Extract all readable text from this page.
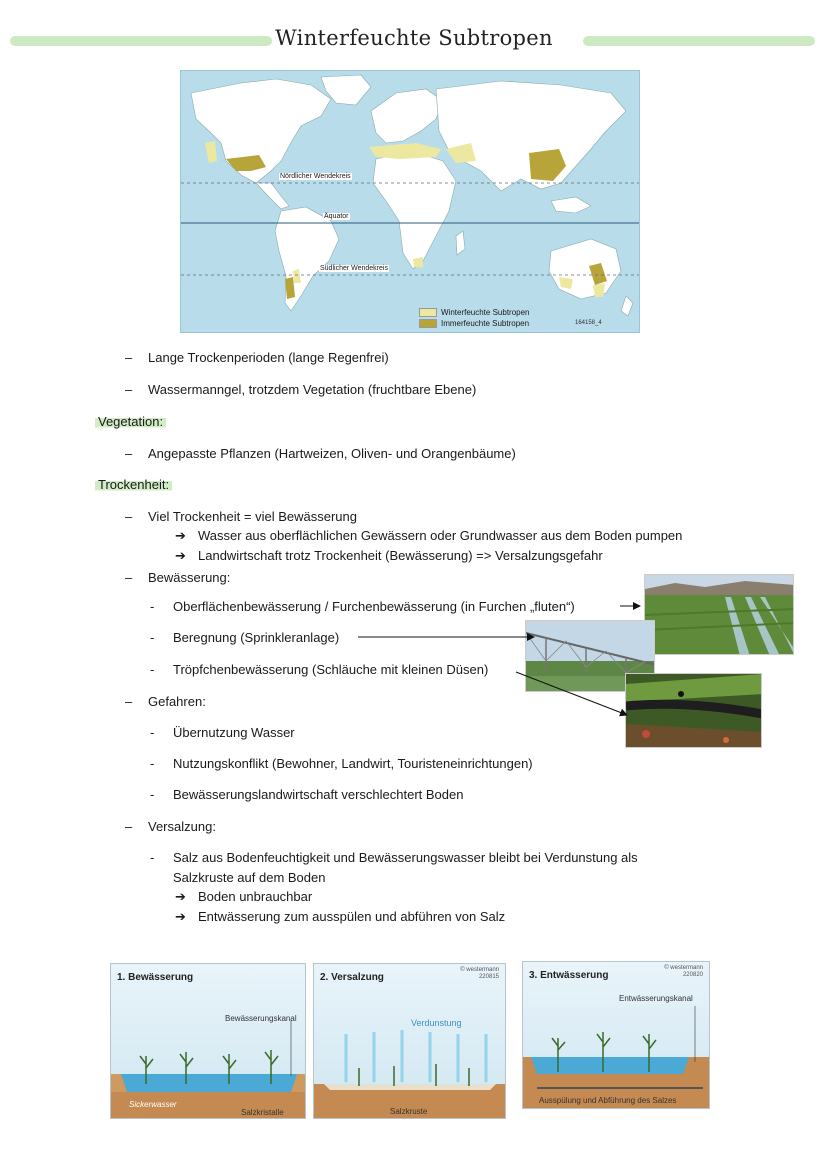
Winterfeuchte Subtropen
Nördlicher Wendekreis
Äquator
Südlicher Wendekreis
Winterfeuchte Subtropen
Immerfeuchte Subtropen	164158_4
– Lange Trockenperioden (lange Regenfrei)
– Wassermanngel, trotzdem Vegetation (fruchtbare Ebene)
Vegetation:
– Angepasste Pflanzen (Hartweizen, Oliven- und Orangenbäume)
Trockenheit:
– Viel Trockenheit = viel Bewässerung
➔ Wasser aus oberflächlichen Gewässern oder Grundwasser aus dem Boden pumpen
➔ Landwirtschaft trotz Trockenheit (Bewässerung) => Versalzungsgefahr
– Bewässerung:
- Oberflächenbewässerung / Furchenbewässerung (in Furchen „fluten“)
- Beregnung (Sprinkleranlage)
- Tröpfchenbewässerung (Schläuche mit kleinen Düsen)
– Gefahren:
- Übernutzung Wasser
- Nutzungskonflikt (Bewohner, Landwirt, Touristeneinrichtungen)
- Bewässerungslandwirtschaft verschlechtert Boden
– Versalzung:
- Salz aus Bodenfeuchtigkeit und Bewässerungswasser bleibt bei Verdunstung als
Salzkruste auf dem Boden
➔ Boden unbrauchbar
➔ Entwässerung zum ausspülen und abführen von Salz
1. Bewässerung
Bewässerungskanal
Sickerwasser
Salzkristalle
2. Versalzung
© westermann
220815
Verdunstung
Salzkruste
3. Entwässerung
© westermann
220820
Entwässerungskanal
Ausspülung und Abführung des Salzes
